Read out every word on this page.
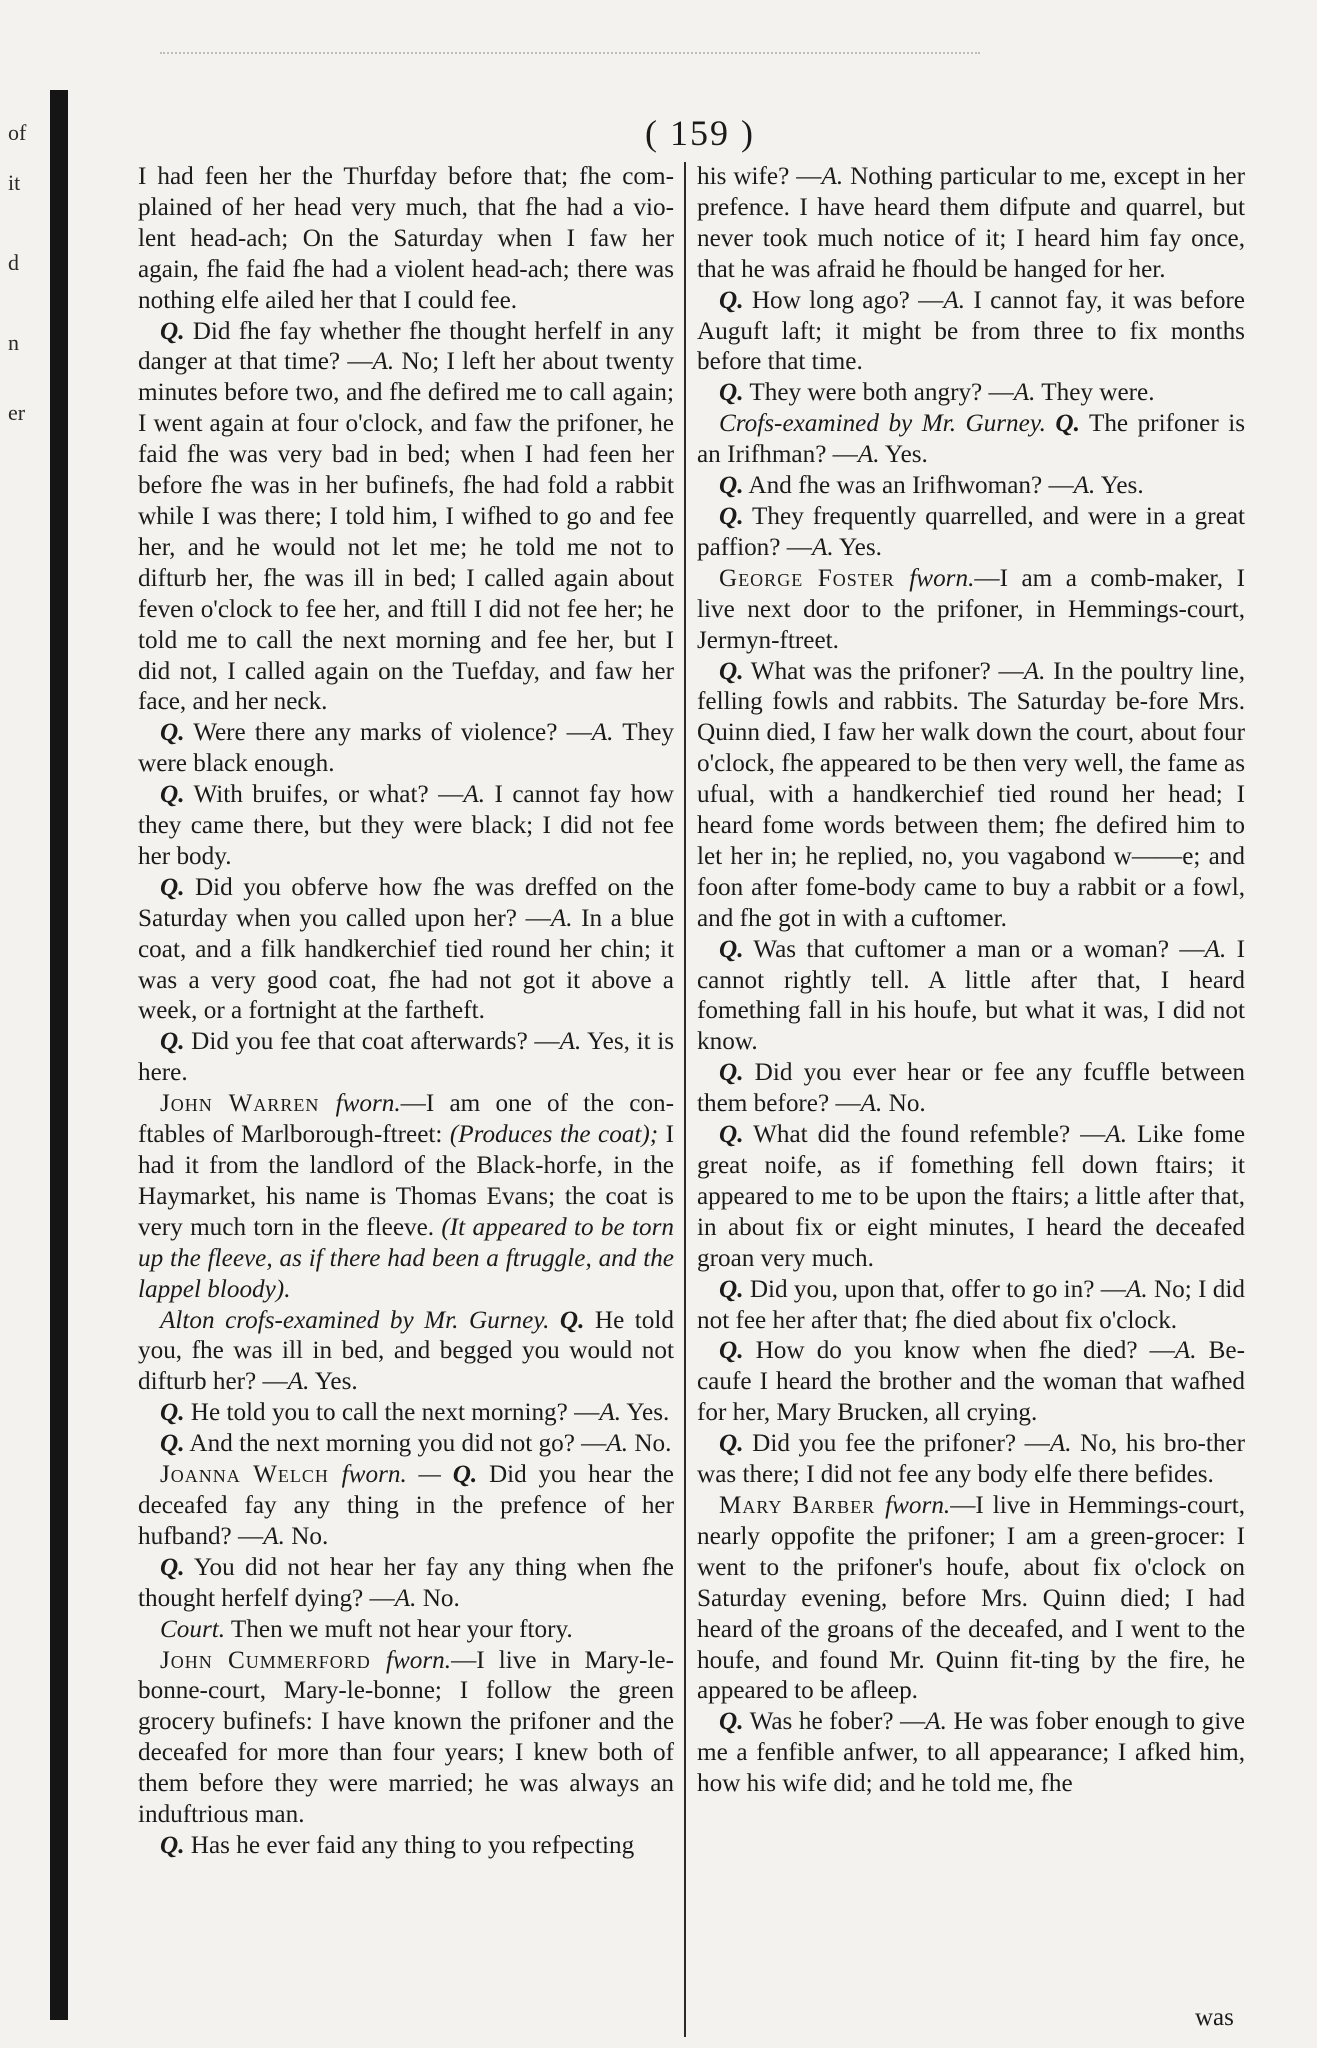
of
it
d
n
er
( 159 )

I had feen her the Thurfday before that; fhe com-plained of her head very much, that fhe had a vio-lent head-ach; On the Saturday when I faw her again, fhe faid fhe had a violent head-ach; there was nothing elfe ailed her that I could fee.

Q. Did fhe fay whether fhe thought herfelf in any danger at that time? —A. No; I left her about twenty minutes before two, and fhe defired me to call again; I went again at four o'clock, and faw the prifoner, he faid fhe was very bad in bed; when I had feen her before fhe was in her bufinefs, fhe had fold a rabbit while I was there; I told him, I wifhed to go and fee her, and he would not let me; he told me not to difturb her, fhe was ill in bed; I called again about feven o'clock to fee her, and ftill I did not fee her; he told me to call the next morning and fee her, but I did not, I called again on the Tuefday, and faw her face, and her neck.

Q. Were there any marks of violence? —A. They were black enough.

Q. With bruifes, or what? —A. I cannot fay how they came there, but they were black; I did not fee her body.

Q. Did you obferve how fhe was dreffed on the Saturday when you called upon her? —A. In a blue coat, and a filk handkerchief tied round her chin; it was a very good coat, fhe had not got it above a week, or a fortnight at the fartheft.

Q. Did you fee that coat afterwards? —A. Yes, it is here.

John Warren fworn.—I am one of the con-ftables of Marlborough-ftreet: (Produces the coat); I had it from the landlord of the Black-horfe, in the Haymarket, his name is Thomas Evans; the coat is very much torn in the fleeve. (It appeared to be torn up the fleeve, as if there had been a ftruggle, and the lappel bloody).

Alton crofs-examined by Mr. Gurney. Q. He told you, fhe was ill in bed, and begged you would not difturb her? —A. Yes.

Q. He told you to call the next morning? —A. Yes.

Q. And the next morning you did not go? —A. No.

Joanna Welch fworn. — Q. Did you hear the deceafed fay any thing in the prefence of her hufband? —A. No.

Q. You did not hear her fay any thing when fhe thought herfelf dying? —A. No.

Court. Then we muft not hear your ftory.

John Cummerford fworn.—I live in Mary-le-bonne-court, Mary-le-bonne; I follow the green grocery bufinefs: I have known the prifoner and the deceafed for more than four years; I knew both of them before they were married; he was always an induftrious man.

Q. Has he ever faid any thing to you refpecting

his wife? —A. Nothing particular to me, except in her prefence. I have heard them difpute and quarrel, but never took much notice of it; I heard him fay once, that he was afraid he fhould be hanged for her.

Q. How long ago? —A. I cannot fay, it was before Auguft laft; it might be from three to fix months before that time.

Q. They were both angry? —A. They were.

Crofs-examined by Mr. Gurney. Q. The prifoner is an Irifhman? —A. Yes.

Q. And fhe was an Irifhwoman? —A. Yes.

Q. They frequently quarrelled, and were in a great paffion? —A. Yes.

George Foster fworn.—I am a comb-maker, I live next door to the prifoner, in Hemmings-court, Jermyn-ftreet.

Q. What was the prifoner? —A. In the poultry line, felling fowls and rabbits. The Saturday be-fore Mrs. Quinn died, I faw her walk down the court, about four o'clock, fhe appeared to be then very well, the fame as ufual, with a handkerchief tied round her head; I heard fome words between them; fhe defired him to let her in; he replied, no, you vagabond w——e; and foon after fome-body came to buy a rabbit or a fowl, and fhe got in with a cuftomer.

Q. Was that cuftomer a man or a woman? —A. I cannot rightly tell. A little after that, I heard fomething fall in his houfe, but what it was, I did not know.

Q. Did you ever hear or fee any fcuffle between them before? —A. No.

Q. What did the found refemble? —A. Like fome great noife, as if fomething fell down ftairs; it appeared to me to be upon the ftairs; a little after that, in about fix or eight minutes, I heard the deceafed groan very much.

Q. Did you, upon that, offer to go in? —A. No; I did not fee her after that; fhe died about fix o'clock.

Q. How do you know when fhe died? —A. Be-caufe I heard the brother and the woman that wafhed for her, Mary Brucken, all crying.

Q. Did you fee the prifoner? —A. No, his bro-ther was there; I did not fee any body elfe there befides.

Mary Barber fworn.—I live in Hemmings-court, nearly oppofite the prifoner; I am a green-grocer: I went to the prifoner's houfe, about fix o'clock on Saturday evening, before Mrs. Quinn died; I had heard of the groans of the deceafed, and I went to the houfe, and found Mr. Quinn fit-ting by the fire, he appeared to be afleep.

Q. Was he fober? —A. He was fober enough to give me a fenfible anfwer, to all appearance; I afked him, how his wife did; and he told me, fhe

was
